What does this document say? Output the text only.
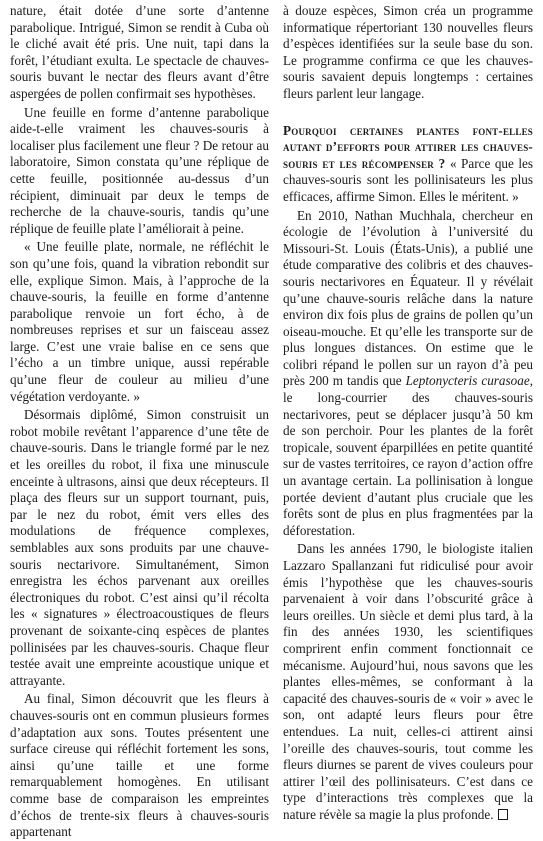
nature, était dotée d’une sorte d’antenne parabolique. Intrigué, Simon se rendit à Cuba où le cliché avait été pris. Une nuit, tapi dans la forêt, l’étudiant exulta. Le spectacle de chauves-souris buvant le nectar des fleurs avant d’être aspergées de pollen confirmait ses hypothèses.

Une feuille en forme d’antenne parabolique aide-t-elle vraiment les chauves-souris à localiser plus facilement une fleur ? De retour au laboratoire, Simon constata qu’une réplique de cette feuille, positionnée au-dessus d’un récipient, diminuait par deux le temps de recherche de la chauve-souris, tandis qu’une réplique de feuille plate l’améliorait à peine.

« Une feuille plate, normale, ne réfléchit le son qu’une fois, quand la vibration rebondit sur elle, explique Simon. Mais, à l’approche de la chauve-souris, la feuille en forme d’antenne parabolique renvoie un fort écho, à de nombreuses reprises et sur un faisceau assez large. C’est une vraie balise en ce sens que l’écho a un timbre unique, aussi repérable qu’une fleur de couleur au milieu d’une végétation verdoyante. »

Désormais diplômé, Simon construisit un robot mobile revêtant l’apparence d’une tête de chauve-souris. Dans le triangle formé par le nez et les oreilles du robot, il fixa une minuscule enceinte à ultrasons, ainsi que deux récepteurs. Il plaça des fleurs sur un support tournant, puis, par le nez du robot, émit vers elles des modulations de fréquence complexes, semblables aux sons produits par une chauve-souris nectarivore. Simultanément, Simon enregistra les échos parvenant aux oreilles électroniques du robot. C’est ainsi qu’il récolta les « signatures » électroacoustiques de fleurs provenant de soixante-cinq espèces de plantes pollinisées par les chauves-souris. Chaque fleur testée avait une empreinte acoustique unique et attrayante.

Au final, Simon découvrit que les fleurs à chauves-souris ont en commun plusieurs formes d’adaptation aux sons. Toutes présentent une surface cireuse qui réfléchit fortement les sons, ainsi qu’une taille et une forme remarquablement homogènes. En utilisant comme base de comparaison les empreintes d’échos de trente-six fleurs à chauves-souris appartenant

à douze espèces, Simon créa un programme informatique répertoriant 130 nouvelles fleurs d’espèces identifiées sur la seule base du son. Le programme confirma ce que les chauves-souris savaient depuis longtemps : certaines fleurs parlent leur langage.

Pourquoi certaines plantes font-elles autant d’efforts pour attirer les chauves-souris et les récompenser ? « Parce que les chauves-souris sont les pollinisateurs les plus efficaces, affirme Simon. Elles le méritent. »

En 2010, Nathan Muchhala, chercheur en écologie de l’évolution à l’université du Missouri-St. Louis (États-Unis), a publié une étude comparative des colibris et des chauves-souris nectarivores en Équateur. Il y révélait qu’une chauve-souris relâche dans la nature environ dix fois plus de grains de pollen qu’un oiseau-mouche. Et qu’elle les transporte sur de plus longues distances. On estime que le colibri répand le pollen sur un rayon d’à peu près 200 m tandis que Leptonycteris curasoae, le long-courrier des chauves-souris nectarivores, peut se déplacer jusqu’à 50 km de son perchoir. Pour les plantes de la forêt tropicale, souvent éparpillées en petite quantité sur de vastes territoires, ce rayon d’action offre un avantage certain. La pollinisation à longue portée devient d’autant plus cruciale que les forêts sont de plus en plus fragmentées par la déforestation.

Dans les années 1790, le biologiste italien Lazzaro Spallanzani fut ridiculisé pour avoir émis l’hypothèse que les chauves-souris parvenaient à voir dans l’obscurité grâce à leurs oreilles. Un siècle et demi plus tard, à la fin des années 1930, les scientifiques comprirent enfin comment fonctionnait ce mécanisme. Aujourd’hui, nous savons que les plantes elles-mêmes, se conformant à la capacité des chauves-souris de « voir » avec le son, ont adapté leurs fleurs pour être entendues. La nuit, celles-ci attirent ainsi l’oreille des chauves-souris, tout comme les fleurs diurnes se parent de vives couleurs pour attirer l’œil des pollinisateurs. C’est dans ce type d’interactions très complexes que la nature révèle sa magie la plus profonde.
